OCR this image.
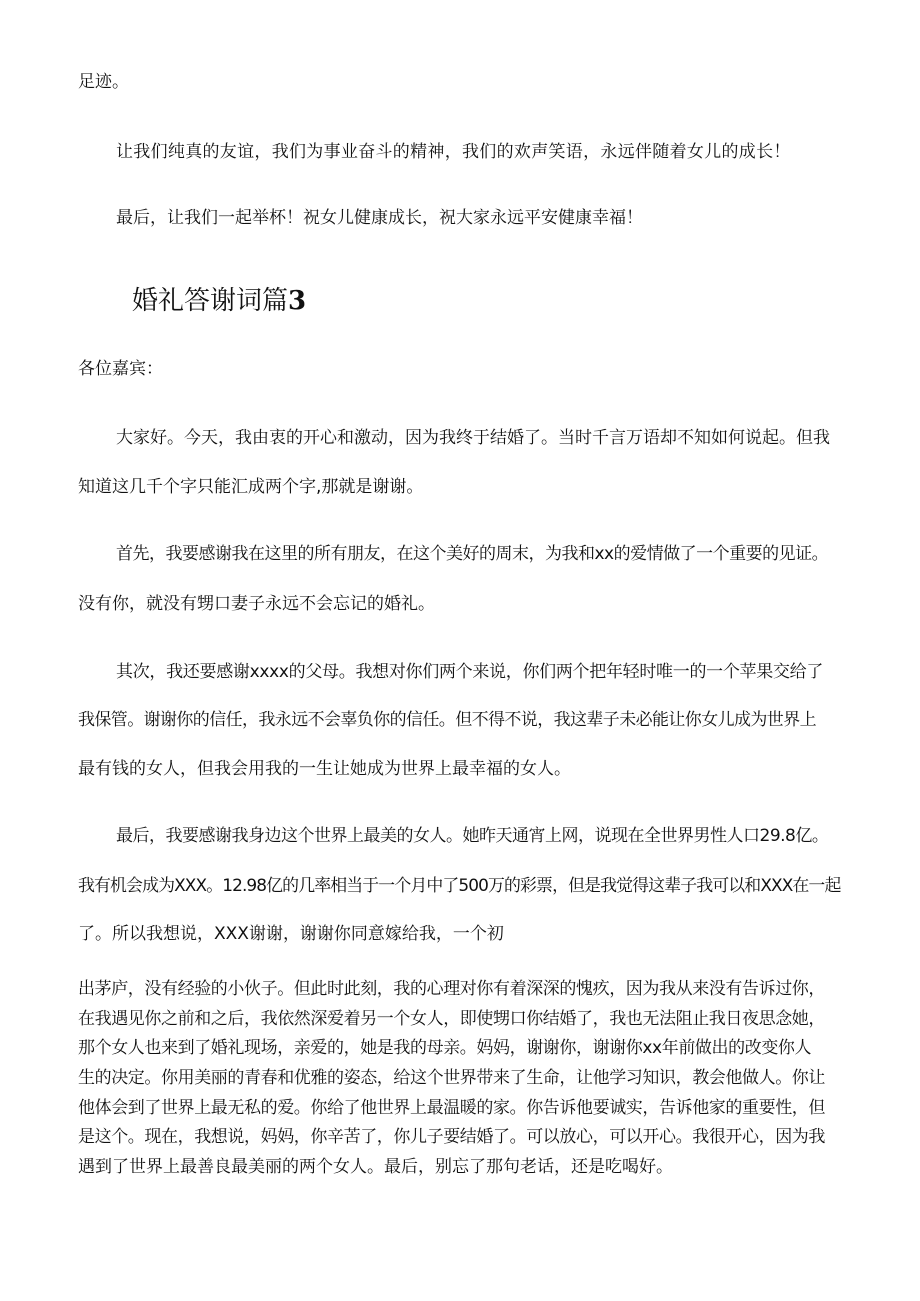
足迹。
让我们纯真的友谊，我们为事业奋斗的精神，我们的欢声笑语，永远伴随着女儿的成长！
最后，让我们一起举杯！祝女儿健康成长，祝大家永远平安健康幸福！
婚礼答谢词篇3
各位嘉宾：
大家好。今天，我由衷的开心和激动，因为我终于结婚了。当时千言万语却不知如何说起。但我
知道这几千个字只能汇成两个字,那就是谢谢。
首先，我要感谢我在这里的所有朋友，在这个美好的周末，为我和xx的爱情做了一个重要的见证。
没有你，就没有甥口妻子永远不会忘记的婚礼。
其次，我还要感谢xxxx的父母。我想对你们两个来说，你们两个把年轻时唯一的一个苹果交给了
我保管。谢谢你的信任，我永远不会辜负你的信任。但不得不说，我这辈子未必能让你女儿成为世界上
最有钱的女人，但我会用我的一生让她成为世界上最幸福的女人。
最后，我要感谢我身边这个世界上最美的女人。她昨天通宵上网，说现在全世界男性人口29.8亿。
我有机会成为XXX。12.98亿的几率相当于一个月中了500万的彩票，但是我觉得这辈子我可以和XXX在一起
了。所以我想说，XXX谢谢，谢谢你同意嫁给我，一个初
出茅庐，没有经验的小伙子。但此时此刻，我的心理对你有着深深的愧疚，因为我从来没有告诉过你，
在我遇见你之前和之后，我依然深爱着另一个女人，即使甥口你结婚了，我也无法阻止我日夜思念她，
那个女人也来到了婚礼现场，亲爱的，她是我的母亲。妈妈，谢谢你，谢谢你xx年前做出的改变你人
生的决定。你用美丽的青春和优雅的姿态，给这个世界带来了生命，让他学习知识，教会他做人。你让
他体会到了世界上最无私的爱。你给了他世界上最温暖的家。你告诉他要诚实，告诉他家的重要性，但
是这个。现在，我想说，妈妈，你辛苦了，你儿子要结婚了。可以放心，可以开心。我很开心，因为我
遇到了世界上最善良最美丽的两个女人。最后，别忘了那句老话，还是吃喝好。
